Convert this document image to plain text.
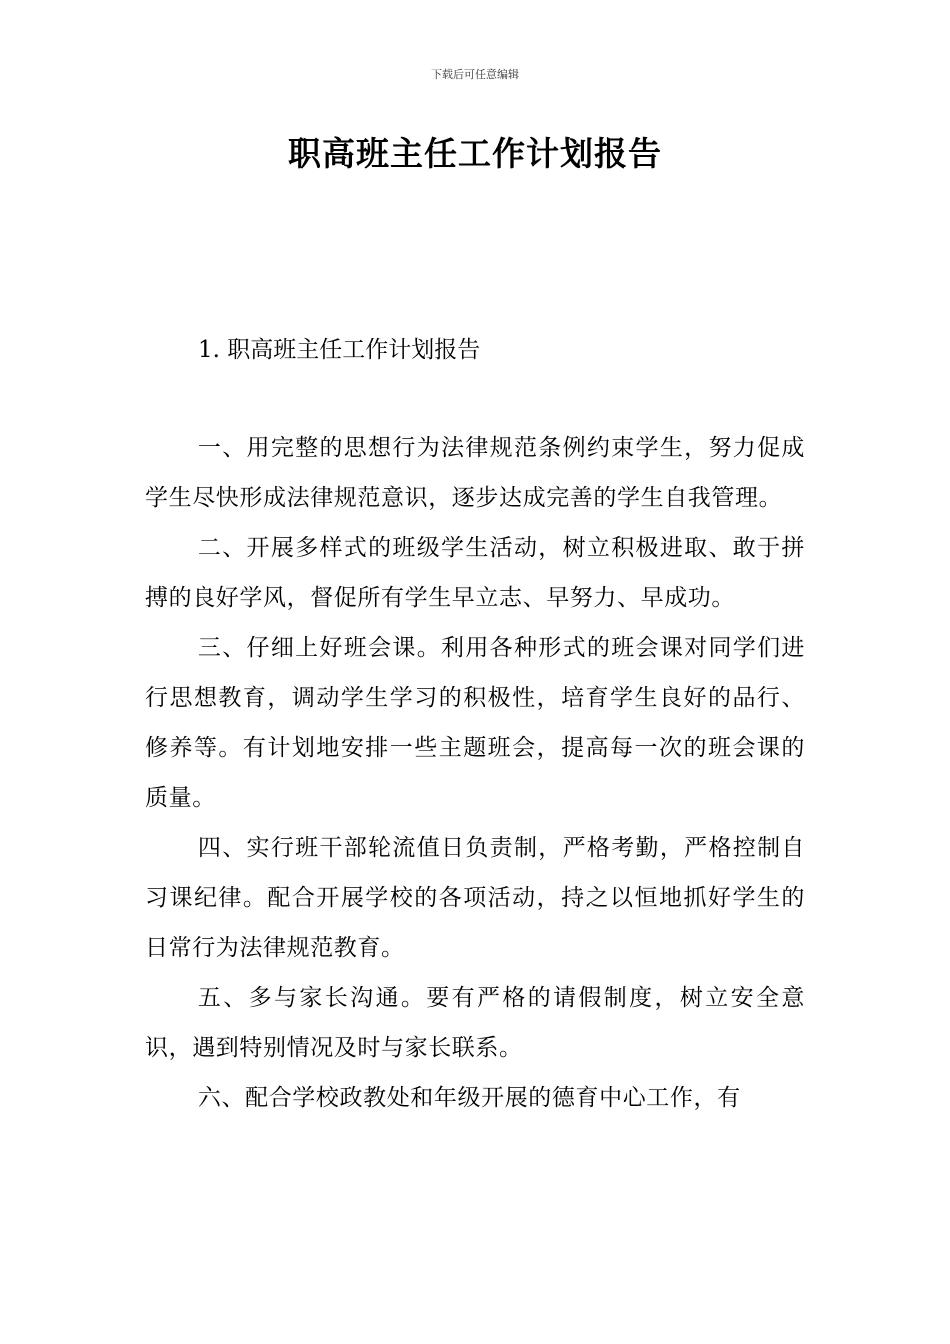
下载后可任意编辑
职高班主任工作计划报告
1. 职高班主任工作计划报告

一、用完整的思想行为法律规范条例约束学生，努力促成学生尽快形成法律规范意识，逐步达成完善的学生自我管理。

二、开展多样式的班级学生活动，树立积极进取、敢于拼搏的良好学风，督促所有学生早立志、早努力、早成功。

三、仔细上好班会课。利用各种形式的班会课对同学们进行思想教育，调动学生学习的积极性，培育学生良好的品行、修养等。有计划地安排一些主题班会，提高每一次的班会课的质量。

四、实行班干部轮流值日负责制，严格考勤，严格控制自习课纪律。配合开展学校的各项活动，持之以恒地抓好学生的日常行为法律规范教育。

五、多与家长沟通。要有严格的请假制度，树立安全意识，遇到特别情况及时与家长联系。

六、配合学校政教处和年级开展的德育中心工作，有
